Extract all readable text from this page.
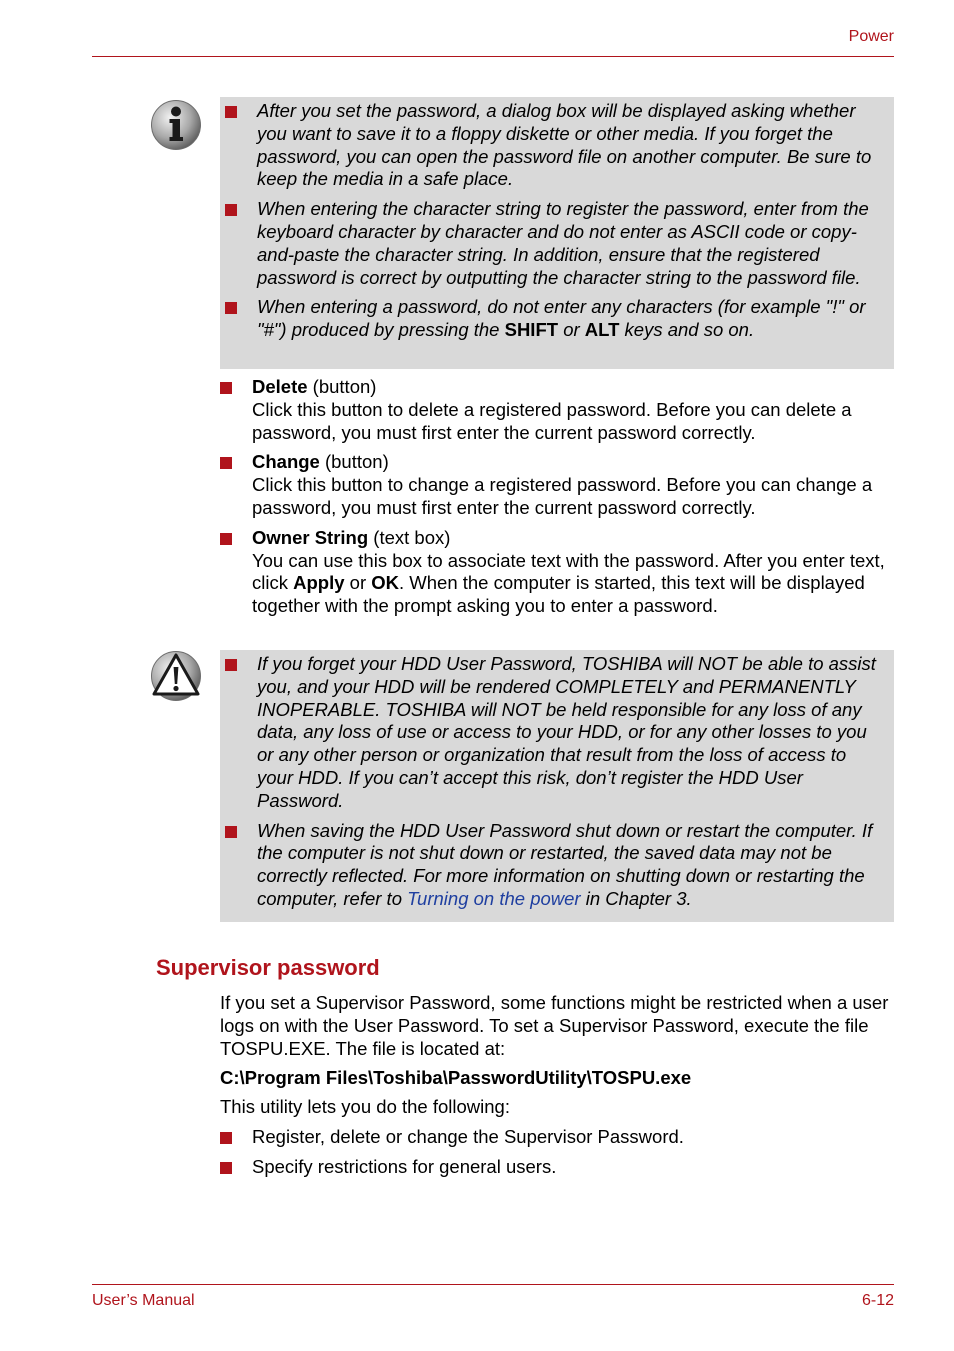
Power
After you set the password, a dialog box will be displayed asking whether you want to save it to a floppy diskette or other media. If you forget the password, you can open the password file on another computer. Be sure to keep the media in a safe place.
When entering the character string to register the password, enter from the keyboard character by character and do not enter as ASCII code or copy-and-paste the character string. In addition, ensure that the registered password is correct by outputting the character string to the password file.
When entering a password, do not enter any characters (for example "!" or "#") produced by pressing the SHIFT or ALT keys and so on.
Delete (button)
Click this button to delete a registered password. Before you can delete a password, you must first enter the current password correctly.
Change (button)
Click this button to change a registered password. Before you can change a password, you must first enter the current password correctly.
Owner String (text box)
You can use this box to associate text with the password. After you enter text, click Apply or OK. When the computer is started, this text will be displayed together with the prompt asking you to enter a password.
If you forget your HDD User Password, TOSHIBA will NOT be able to assist you, and your HDD will be rendered COMPLETELY and PERMANENTLY INOPERABLE. TOSHIBA will NOT be held responsible for any loss of any data, any loss of use or access to your HDD, or for any other losses to you or any other person or organization that result from the loss of access to your HDD. If you can’t accept this risk, don’t register the HDD User Password.
When saving the HDD User Password shut down or restart the computer. If the computer is not shut down or restarted, the saved data may not be correctly reflected. For more information on shutting down or restarting the computer, refer to Turning on the power in Chapter 3.
Supervisor password
If you set a Supervisor Password, some functions might be restricted when a user logs on with the User Password. To set a Supervisor Password, execute the file TOSPU.EXE. The file is located at:
C:\Program Files\Toshiba\PasswordUtility\TOSPU.exe
This utility lets you do the following:
Register, delete or change the Supervisor Password.
Specify restrictions for general users.
User’s Manual	6-12
